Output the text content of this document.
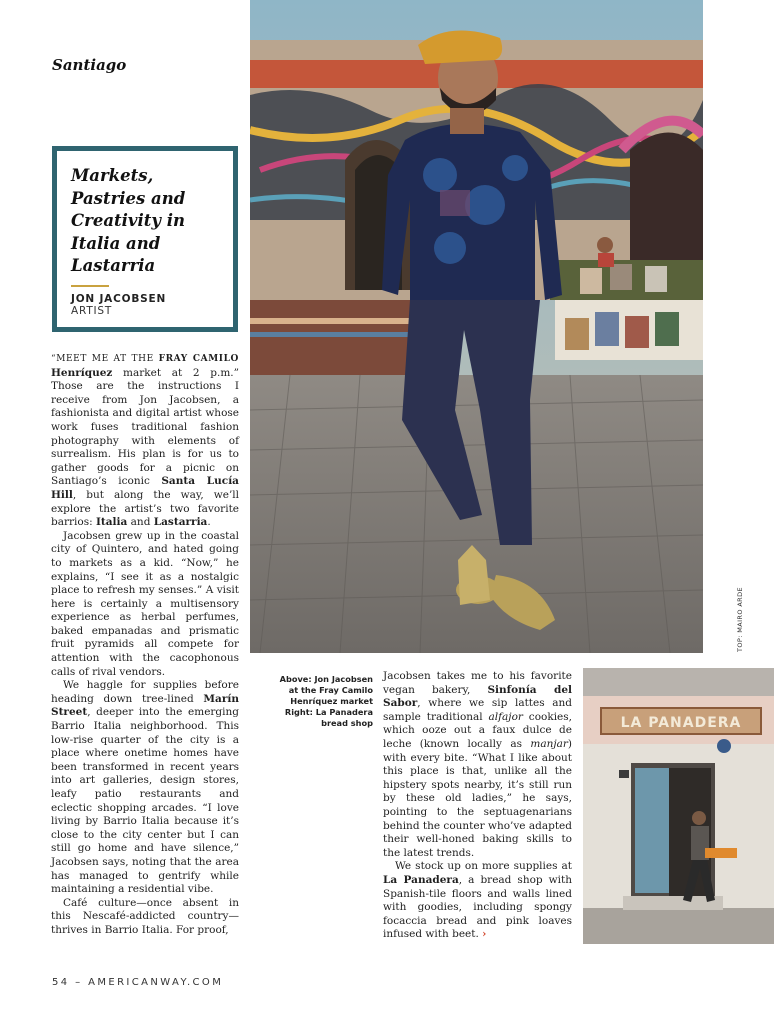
Santiago
Markets, Pastries and Creativity in Italia and Lastarria
JON JACOBSEN
ARTIST

“MEET ME AT THE FRAY CAMILO Henríquez market at 2 p.m.” Those are the instructions I receive from Jon Jacobsen, a fashionista and digital artist whose work fuses traditional fashion photography with elements of surrealism. His plan is for us to gather goods for a picnic on Santiago’s iconic Santa Lucía Hill, but along the way, we’ll explore the artist’s two favorite barrios: Italia and Lastarria.

Jacobsen grew up in the coastal city of Quintero, and hated going to markets as a kid. “Now,” he explains, “I see it as a nostalgic place to refresh my senses.” A visit here is certainly a multisensory experience as herbal perfumes, baked empanadas and prismatic fruit pyramids all compete for attention with the cacophonous calls of rival vendors.

We haggle for supplies before heading down tree-lined Marín Street, deeper into the emerging Barrio Italia neighborhood. This low-rise quarter of the city is a place where onetime homes have been transformed in recent years into art galleries, design stores, leafy patio restaurants and eclectic shopping arcades. “I love living by Barrio Italia because it’s close to the city center but I can still go home and have silence,” Jacobsen says, noting that the area has managed to gentrify while maintaining a residential vibe.

Café culture—once absent in this Nescafé-addicted country—thrives in Barrio Italia. For proof,

TOP: MAIRO ARDE
Above: Jon Jacobsen at the Fray Camilo Henríquez market
Right: La Panadera bread shop

Jacobsen takes me to his favorite vegan bakery, Sinfonía del Sabor, where we sip lattes and sample traditional alfajor cookies, which ooze out a faux dulce de leche (known locally as manjar) with every bite. “What I like about this place is that, unlike all the hipstery spots nearby, it’s still run by these old ladies,” he says, pointing to the septuagenarians behind the counter who’ve adapted their well-honed baking skills to the latest trends.

We stock up on more supplies at La Panadera, a bread shop with Spanish-tile floors and walls lined with goodies, including spongy focaccia bread and pink loaves infused with beet. ›

LA PANADERA
54 – AMERICANWAY.COM
